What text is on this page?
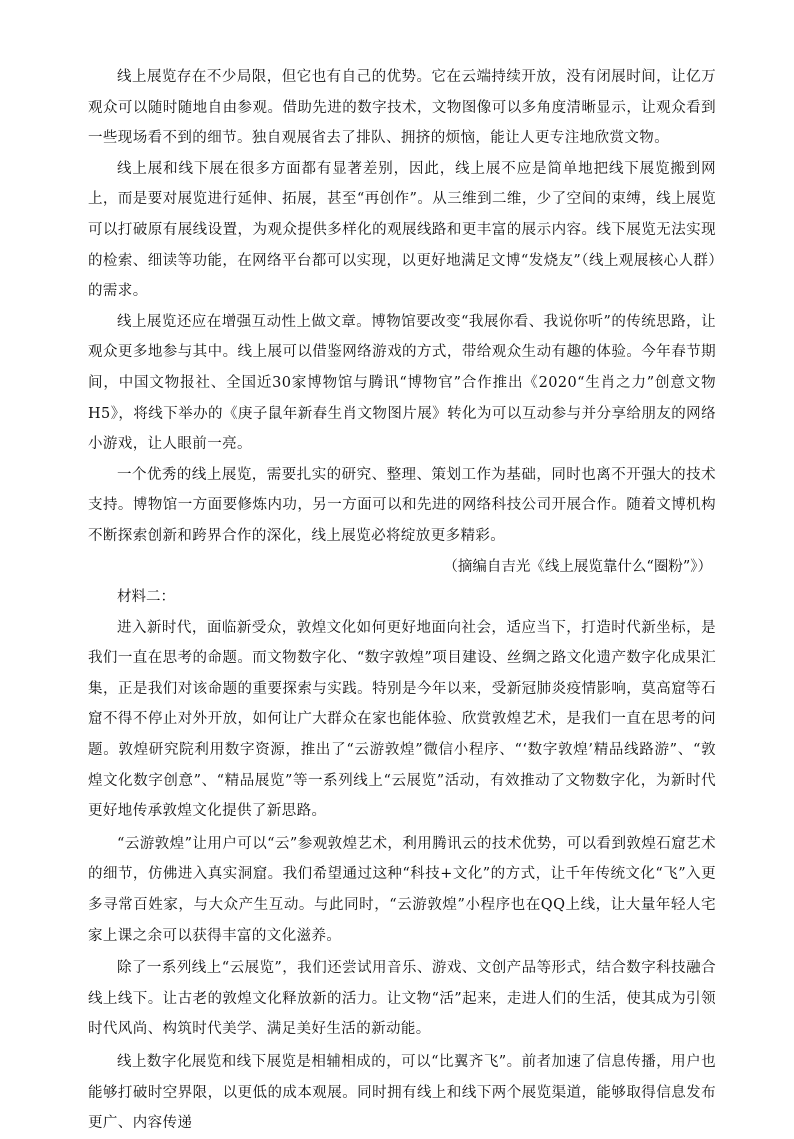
线上展览存在不少局限，但它也有自己的优势。它在云端持续开放，没有闭展时间，让亿万观众可以随时随地自由参观。借助先进的数字技术，文物图像可以多角度清晰显示，让观众看到一些现场看不到的细节。独自观展省去了排队、拥挤的烦恼，能让人更专注地欣赏文物。

线上展和线下展在很多方面都有显著差别，因此，线上展不应是简单地把线下展览搬到网上，而是要对展览进行延伸、拓展，甚至“再创作”。从三维到二维，少了空间的束缚，线上展览可以打破原有展线设置，为观众提供多样化的观展线路和更丰富的展示内容。线下展览无法实现的检索、细读等功能，在网络平台都可以实现，以更好地满足文博“发烧友”（线上观展核心人群）的需求。

线上展览还应在增强互动性上做文章。博物馆要改变“我展你看、我说你听”的传统思路，让观众更多地参与其中。线上展可以借鉴网络游戏的方式，带给观众生动有趣的体验。今年春节期间，中国文物报社、全国近30家博物馆与腾讯“博物官”合作推出《2020“生肖之力”创意文物H5》，将线下举办的《庚子鼠年新春生肖文物图片展》转化为可以互动参与并分享给朋友的网络小游戏，让人眼前一亮。

一个优秀的线上展览，需要扎实的研究、整理、策划工作为基础，同时也离不开强大的技术支持。博物馆一方面要修炼内功，另一方面可以和先进的网络科技公司开展合作。随着文博机构不断探索创新和跨界合作的深化，线上展览必将绽放更多精彩。

（摘编自吉光《线上展览靠什么“圈粉”》）

材料二：

进入新时代，面临新受众，敦煌文化如何更好地面向社会，适应当下，打造时代新坐标，是我们一直在思考的命题。而文物数字化、“数字敦煌”项目建设、丝绸之路文化遗产数字化成果汇集，正是我们对该命题的重要探索与实践。特别是今年以来，受新冠肺炎疫情影响，莫高窟等石窟不得不停止对外开放，如何让广大群众在家也能体验、欣赏敦煌艺术，是我们一直在思考的问题。敦煌研究院利用数字资源，推出了“云游敦煌”微信小程序、“‘数字敦煌’精品线路游”、“敦煌文化数字创意”、“精品展览”等一系列线上“云展览”活动，有效推动了文物数字化，为新时代更好地传承敦煌文化提供了新思路。

“云游敦煌”让用户可以“云”参观敦煌艺术，利用腾讯云的技术优势，可以看到敦煌石窟艺术的细节，仿佛进入真实洞窟。我们希望通过这种“科技+文化”的方式，让千年传统文化“飞”入更多寻常百姓家，与大众产生互动。与此同时，“云游敦煌”小程序也在QQ上线，让大量年轻人宅家上课之余可以获得丰富的文化滋养。

除了一系列线上“云展览”，我们还尝试用音乐、游戏、文创产品等形式，结合数字科技融合线上线下。让古老的敦煌文化释放新的活力。让文物“活”起来，走进人们的生活，使其成为引领时代风尚、构筑时代美学、满足美好生活的新动能。

线上数字化展览和线下展览是相辅相成的，可以“比翼齐飞”。前者加速了信息传播，用户也能够打破时空界限，以更低的成本观展。同时拥有线上和线下两个展览渠道，能够取得信息发布更广、内容传递
